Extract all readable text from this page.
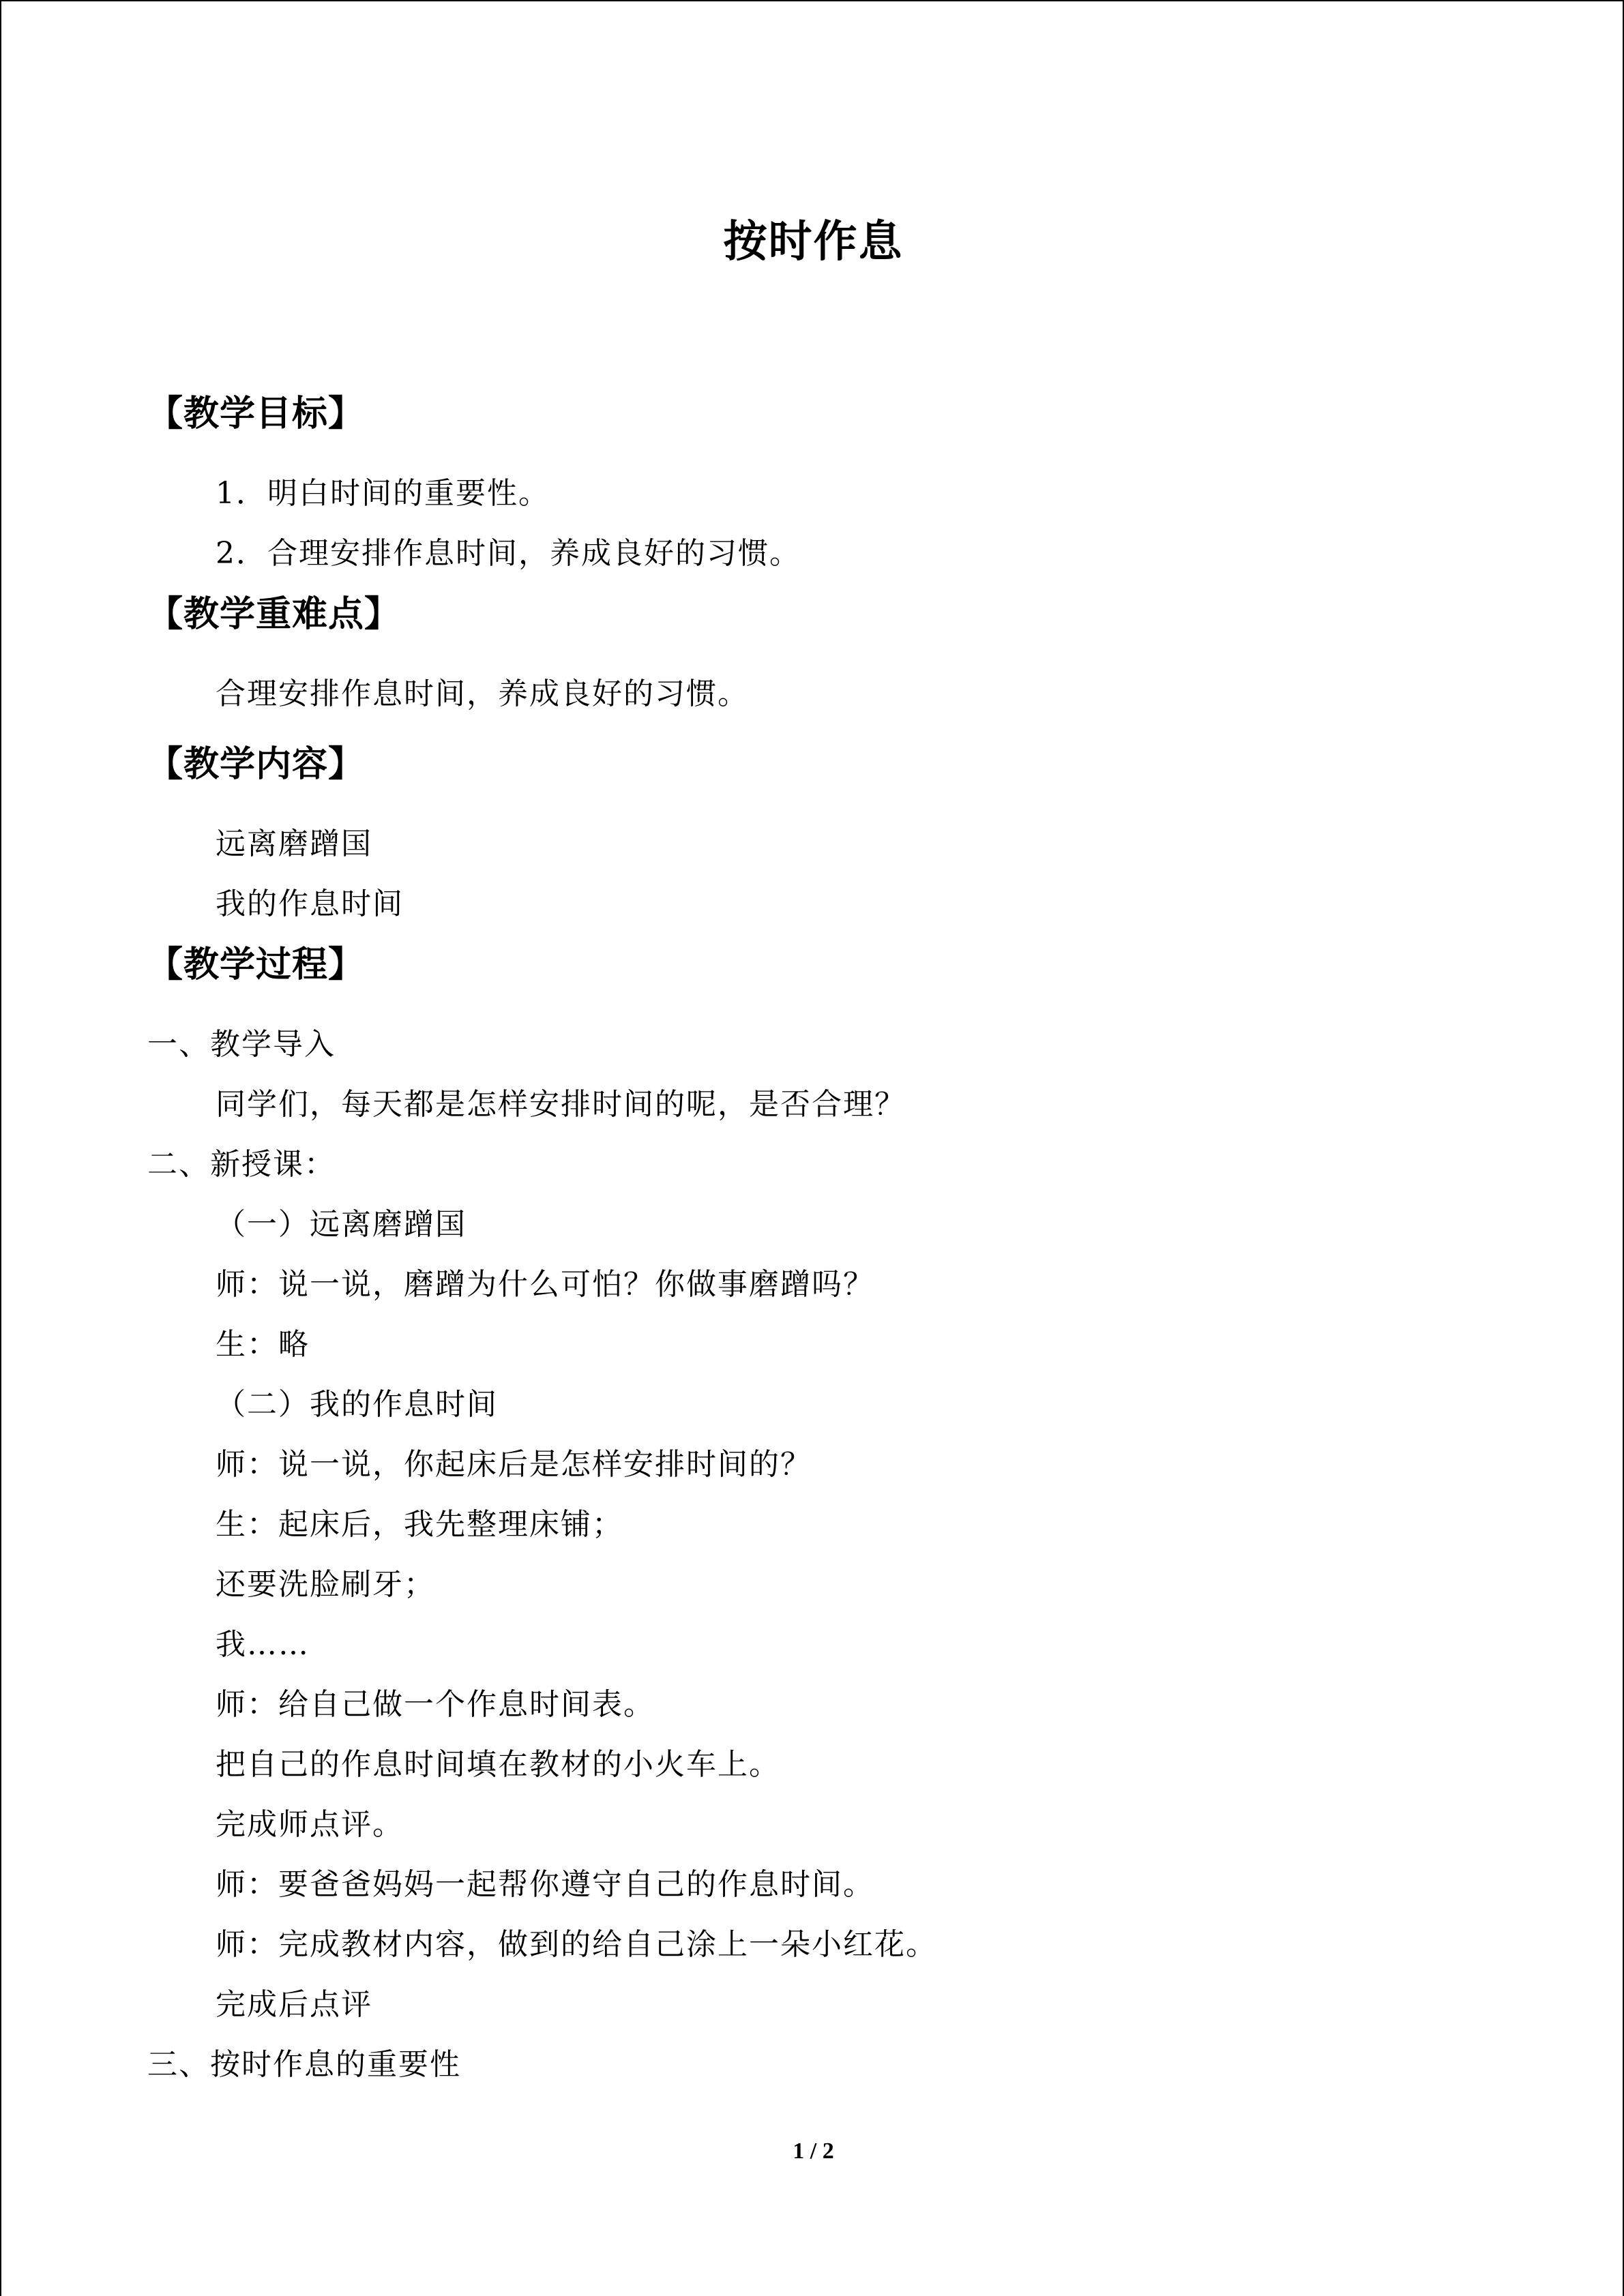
按时作息
【教学目标】
1．明白时间的重要性。
2．合理安排作息时间，养成良好的习惯。
【教学重难点】
合理安排作息时间，养成良好的习惯。
【教学内容】
远离磨蹭国
我的作息时间
【教学过程】
一、教学导入
同学们，每天都是怎样安排时间的呢，是否合理？
二、新授课：
（一）远离磨蹭国
师：说一说，磨蹭为什么可怕？你做事磨蹭吗？
生：略
（二）我的作息时间
师：说一说，你起床后是怎样安排时间的？
生：起床后，我先整理床铺；
还要洗脸刷牙；
我……
师：给自己做一个作息时间表。
把自己的作息时间填在教材的小火车上。
完成师点评。
师：要爸爸妈妈一起帮你遵守自己的作息时间。
师：完成教材内容，做到的给自己涂上一朵小红花。
完成后点评
三、按时作息的重要性
1 / 2
